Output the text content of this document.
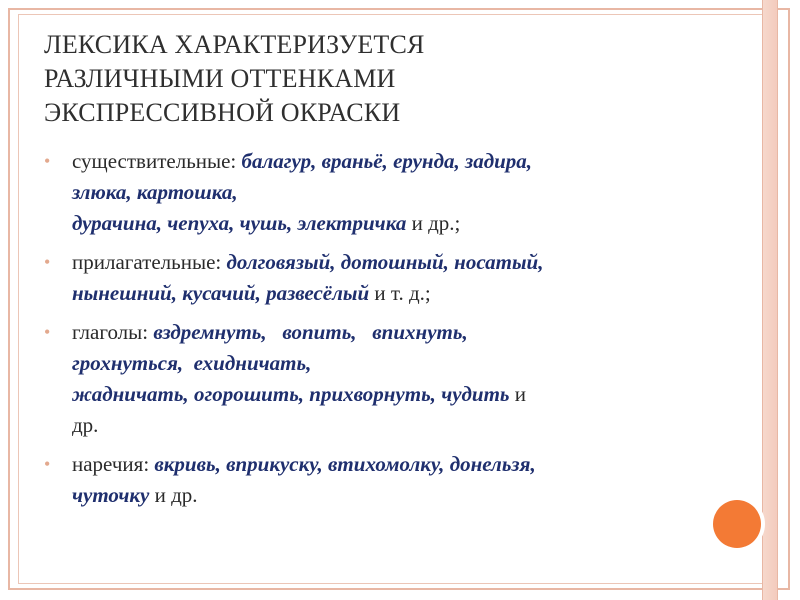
ЛЕКСИКА ХАРАКТЕРИЗУЕТСЯ
РАЗЛИЧНЫМИ ОТТЕНКАМИ
ЭКСПРЕССИВНОЙ ОКРАСКИ
• существительные: балагур, враньё, ерунда, задира,
злюка, картошка,
дурачина, чепуха, чушь, электричка и др.;
• прилагательные: долговязый, дотошный, носатый,
нынешний, кусачий, развесёлый и т. д.;
• глаголы: вздремнуть, вопить, впихнуть,
грохнуться, ехидничать,
жадничать, огорошить, прихворнуть, чудить и
др.
• наречия: вкривь, вприкуску, втихомолку, донельзя,
чуточку и др.
